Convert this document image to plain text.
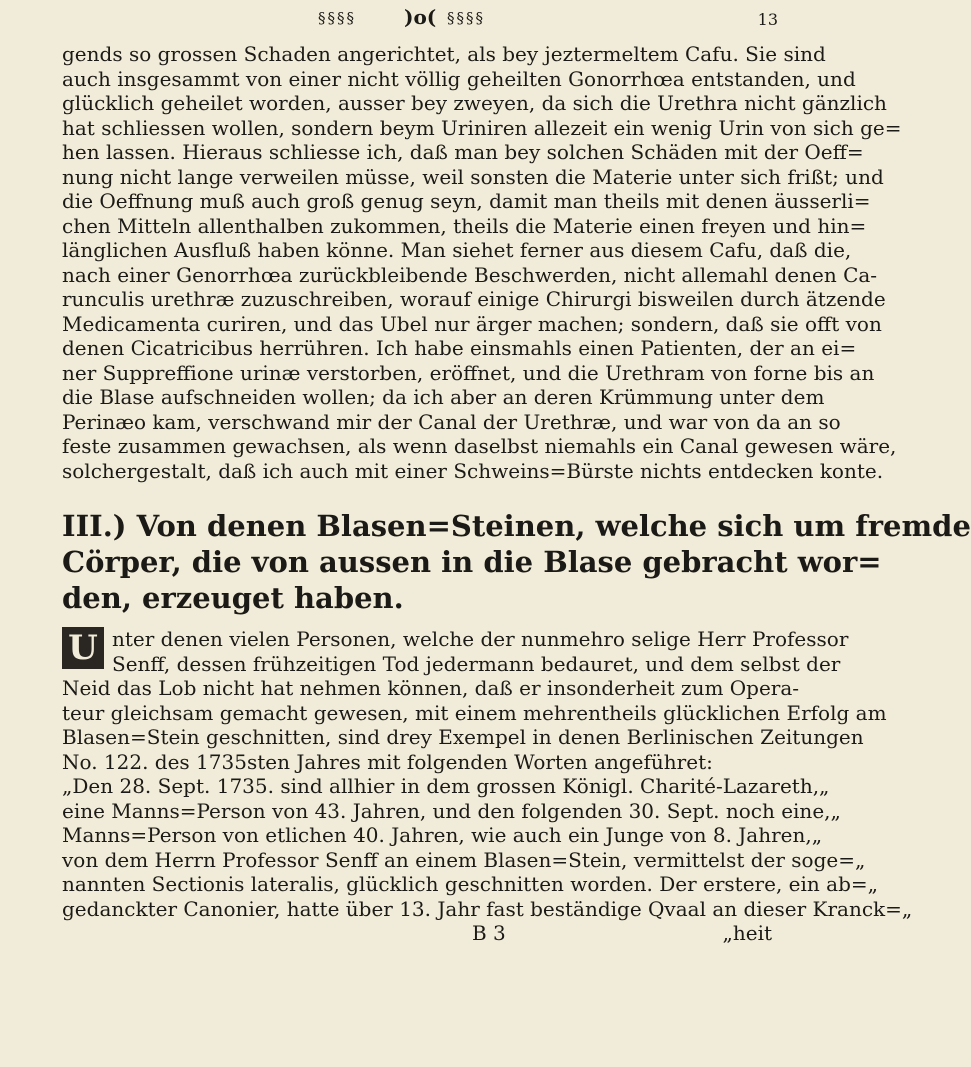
§§§§ )o( §§§§	13
gends so grossen Schaden angerichtet, als bey jeztermeltem Cafu. Sie sind
auch insgesammt von einer nicht völlig geheilten Gonorrhœa entstanden, und
glücklich geheilet worden, ausser bey zweyen, da sich die Urethra nicht gänzlich
hat schliessen wollen, sondern beym Uriniren allezeit ein wenig Urin von sich ge=
hen lassen. Hieraus schliesse ich, daß man bey solchen Schäden mit der Oeff=
nung nicht lange verweilen müsse, weil sonsten die Materie unter sich frißt; und
die Oeffnung muß auch groß genug seyn, damit man theils mit denen äusserli=
chen Mitteln allenthalben zukommen, theils die Materie einen freyen und hin=
länglichen Ausfluß haben könne. Man siehet ferner aus diesem Cafu, daß die,
nach einer Genorrhœa zurückbleibende Beschwerden, nicht allemahl denen Ca-
runculis urethræ zuzuschreiben, worauf einige Chirurgi bisweilen durch ätzende
Medicamenta curiren, und das Ubel nur ärger machen; sondern, daß sie offt von
denen Cicatricibus herrühren. Ich habe einsmahls einen Patienten, der an ei=
ner Suppreffione urinæ verstorben, eröffnet, und die Urethram von forne bis an
die Blase aufschneiden wollen; da ich aber an deren Krümmung unter dem
Perinæo kam, verschwand mir der Canal der Urethræ, und war von da an so
feste zusammen gewachsen, als wenn daselbst niemahls ein Canal gewesen wäre,
solchergestalt, daß ich auch mit einer Schweins=Bürste nichts entdecken konte.
III.) Von denen Blasen=Steinen, welche sich um fremde
Cörper, die von aussen in die Blase gebracht wor=
den, erzeuget haben.
U nter denen vielen Personen, welche der nunmehro selige Herr Professor
Senff, dessen frühzeitigen Tod jedermann bedauret, und dem selbst der
Neid das Lob nicht hat nehmen können, daß er insonderheit zum Opera-
teur gleichsam gemacht gewesen, mit einem mehrentheils glücklichen Erfolg am
Blasen=Stein geschnitten, sind drey Exempel in denen Berlinischen Zeitungen
No. 122. des 1735sten Jahres mit folgenden Worten angeführet:
„Den 28. Sept. 1735. sind allhier in dem grossen Königl. Charité-Lazareth,„
eine Manns=Person von 43. Jahren, und den folgenden 30. Sept. noch eine,„
Manns=Person von etlichen 40. Jahren, wie auch ein Junge von 8. Jahren,„
von dem Herrn Professor Senff an einem Blasen=Stein, vermittelst der soge=„
nannten Sectionis lateralis, glücklich geschnitten worden. Der erstere, ein ab=„
gedanckter Canonier, hatte über 13. Jahr fast beständige Qvaal an dieser Kranck=„
B 3	„heit
